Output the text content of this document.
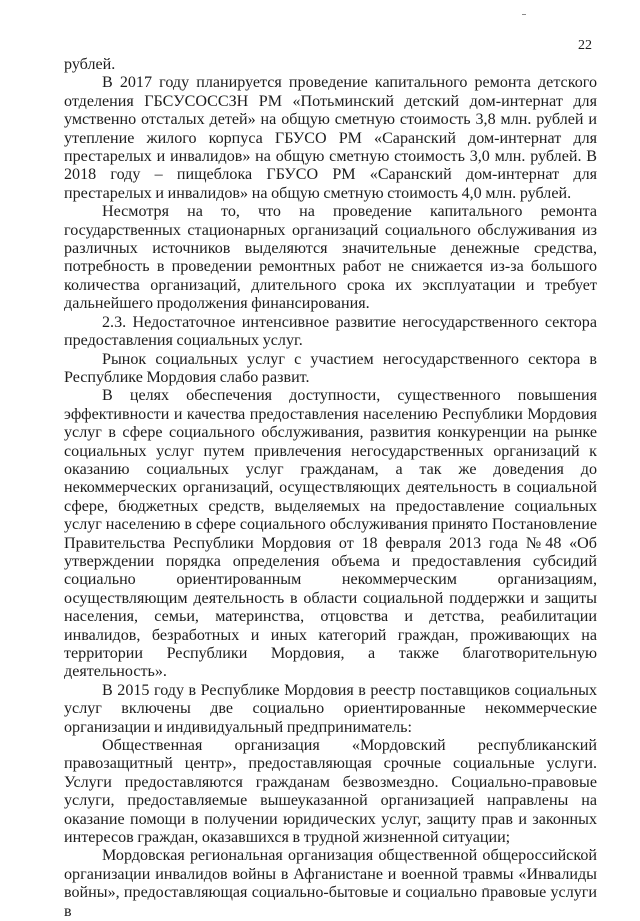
22

рублей.

В 2017 году планируется проведение капитального ремонта детского отделения ГБСУСОССЗН РМ «Потьминский детский дом-интернат для умственно отсталых детей» на общую сметную стоимость 3,8 млн. рублей и утепление жилого корпуса ГБУСО РМ «Саранский дом-интернат для престарелых и инвалидов» на общую сметную стоимость 3,0 млн. рублей. В 2018 году – пищеблока ГБУСО РМ «Саранский дом-интернат для престарелых и инвалидов» на общую сметную стоимость 4,0 млн. рублей.

Несмотря на то, что на проведение капитального ремонта государственных стационарных организаций социального обслуживания из различных источников выделяются значительные денежные средства, потребность в проведении ремонтных работ не снижается из-за большого количества организаций, длительного срока их эксплуатации и требует дальнейшего продолжения финансирования.

2.3. Недостаточное интенсивное развитие негосударственного сектора предоставления социальных услуг.

Рынок социальных услуг с участием негосударственного сектора в Республике Мордовия слабо развит.

В целях обеспечения доступности, существенного повышения эффективности и качества предоставления населению Республики Мордовия услуг в сфере социального обслуживания, развития конкуренции на рынке социальных услуг путем привлечения негосударственных организаций к оказанию социальных услуг гражданам, а так же доведения до некоммерческих организаций, осуществляющих деятельность в социальной сфере, бюджетных средств, выделяемых на предоставление социальных услуг населению в сфере социального обслуживания принято Постановление Правительства Республики Мордовия от 18 февраля 2013 года №48 «Об утверждении порядка определения объема и предоставления субсидий социально ориентированным некоммерческим организациям, осуществляющим деятельность в области социальной поддержки и защиты населения, семьи, материнства, отцовства и детства, реабилитации инвалидов, безработных и иных категорий граждан, проживающих на территории Республики Мордовия, а также благотворительную деятельность».

В 2015 году в Республике Мордовия в реестр поставщиков социальных услуг включены две социально ориентированные некоммерческие организации и индивидуальный предприниматель:

Общественная организация «Мордовский республиканский правозащитный центр», предоставляющая срочные социальные услуги. Услуги предоставляются гражданам безвозмездно. Социально-правовые услуги, предоставляемые вышеуказанной организацией направлены на оказание помощи в получении юридических услуг, защиту прав и законных интересов граждан, оказавшихся в трудной жизненной ситуации;

Мордовская региональная организация общественной общероссийской организации инвалидов войны в Афганистане и военной травмы «Инвалиды войны», предоставляющая социально-бытовые и социально правовые услуги в
